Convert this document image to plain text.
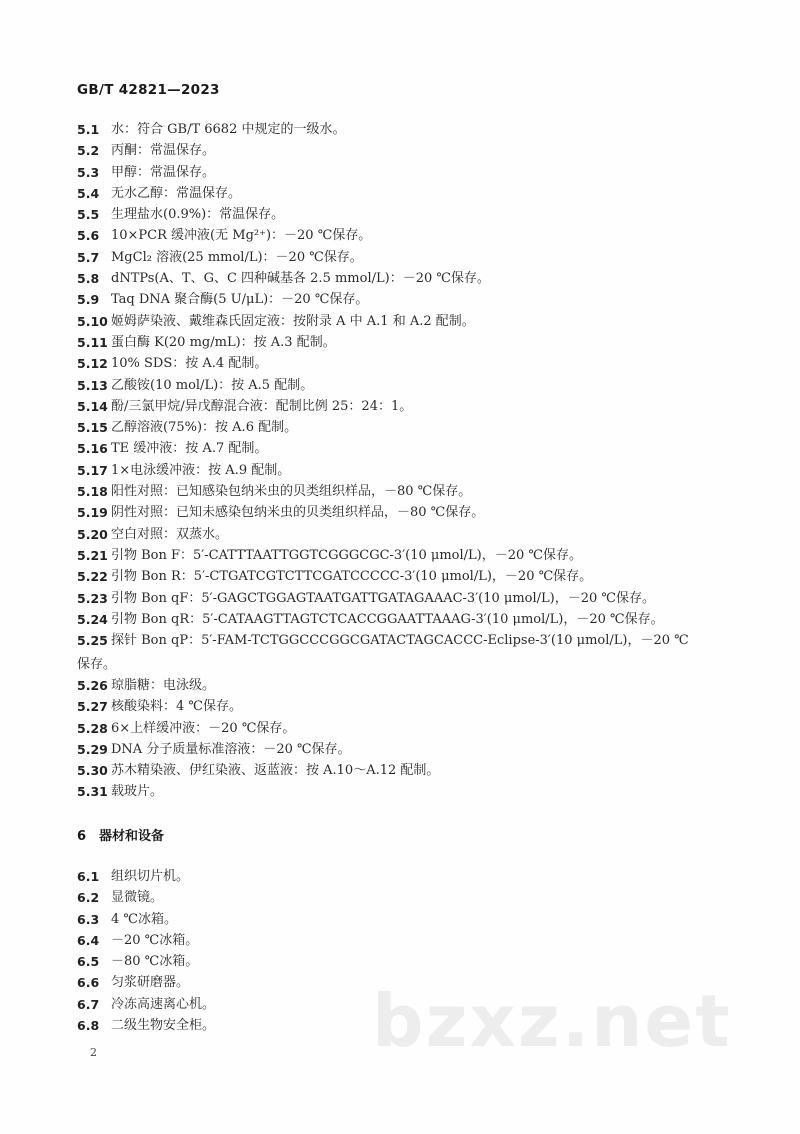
GB/T 42821—2023
5.1 水：符合 GB/T 6682 中规定的一级水。
5.2 丙酮：常温保存。
5.3 甲醇：常温保存。
5.4 无水乙醇：常温保存。
5.5 生理盐水(0.9%)：常温保存。
5.6 10×PCR 缓冲液(无 Mg²⁺)：－20 ℃保存。
5.7 MgCl₂ 溶液(25 mmol/L)：－20 ℃保存。
5.8 dNTPs(A、T、G、C 四种碱基各 2.5 mmol/L)：－20 ℃保存。
5.9 Taq DNA 聚合酶(5 U/μL)：－20 ℃保存。
5.10 姬姆萨染液、戴维森氏固定液：按附录 A 中 A.1 和 A.2 配制。
5.11 蛋白酶 K(20 mg/mL)：按 A.3 配制。
5.12 10% SDS：按 A.4 配制。
5.13 乙酸铵(10 mol/L)：按 A.5 配制。
5.14 酚/三氯甲烷/异戊醇混合液：配制比例 25：24：1。
5.15 乙醇溶液(75%)：按 A.6 配制。
5.16 TE 缓冲液：按 A.7 配制。
5.17 1×电泳缓冲液：按 A.9 配制。
5.18 阳性对照：已知感染包纳米虫的贝类组织样品，－80 ℃保存。
5.19 阴性对照：已知未感染包纳米虫的贝类组织样品，－80 ℃保存。
5.20 空白对照：双蒸水。
5.21 引物 Bon F：5′-CATTTAATTGGTCGGGCGC-3′(10 μmol/L)，－20 ℃保存。
5.22 引物 Bon R：5′-CTGATCGTCTTCGATCCCCC-3′(10 μmol/L)，－20 ℃保存。
5.23 引物 Bon qF：5′-GAGCTGGAGTAATGATTGATAGAAAC-3′(10 μmol/L)，－20 ℃保存。
5.24 引物 Bon qR：5′-CATAAGTTAGTCTCACCGGAATTAAAG-3′(10 μmol/L)，－20 ℃保存。
5.25 探针 Bon qP：5′-FAM-TCTGGCCCGGCGATACTAGCACCC-Eclipse-3′(10 μmol/L)，－20 ℃
保存。
5.26 琼脂糖：电泳级。
5.27 核酸染料：4 ℃保存。
5.28 6×上样缓冲液：－20 ℃保存。
5.29 DNA 分子质量标准溶液：－20 ℃保存。
5.30 苏木精染液、伊红染液、返蓝液：按 A.10～A.12 配制。
5.31 载玻片。
6 器材和设备
6.1 组织切片机。
6.2 显微镜。
6.3 4 ℃冰箱。
6.4 －20 ℃冰箱。
6.5 －80 ℃冰箱。
6.6 匀浆研磨器。
6.7 冷冻高速离心机。
6.8 二级生物安全柜。
2	bzxz.net
